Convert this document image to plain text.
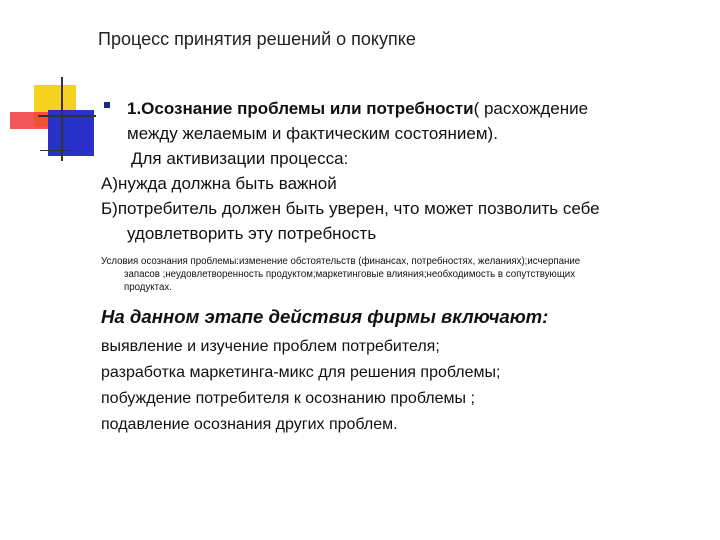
Процесс принятия решений о покупке

1.Осознание проблемы или потребности( расхождение

между желаемым и фактическим состоянием).

Для активизации процесса:

А)нужда должна быть важной

Б)потребитель должен быть уверен, что может позволить себе

удовлетворить эту потребность

Условия осознания проблемы:изменение обстоятельств (финансах, потребностях, желаниях);исчерпание

запасов ;неудовлетворенность продуктом;маркетинговые влияния;необходимость в сопутствующих

продуктах.

На данном этапе действия фирмы включают:

выявление и изучение проблем потребителя;

разработка маркетинга-микс для решения проблемы;

побуждение потребителя к осознанию проблемы ;

подавление осознания других проблем.
